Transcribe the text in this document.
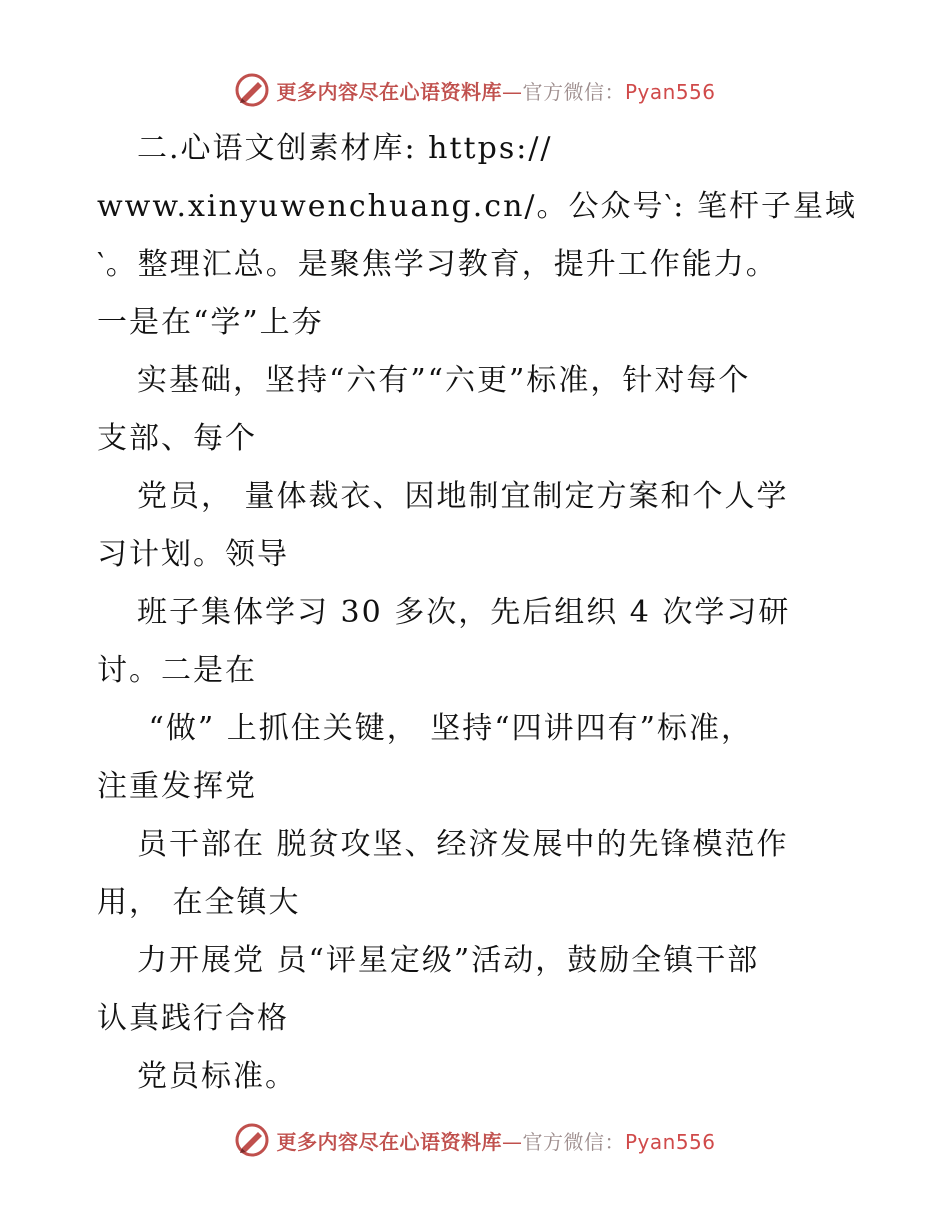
更多内容尽在心语资料库—官方微信：Pyan556
二.心语文创素材库: https://
www.xinyuwenchuang.cn/。公众号‵: 笔杆子星域
‵。整理汇总。是聚焦学习教育，提升工作能力。
一是在“学”上夯
实基础，坚持“六有”“六更”标准，针对每个
支部、每个
党员， 量体裁衣、因地制宜制定方案和个人学
习计划。领导
班子集体学习 30 多次，先后组织 4 次学习研
讨。二是在
“做” 上抓住关键， 坚持“四讲四有”标准，
注重发挥党
员干部在 脱贫攻坚、经济发展中的先锋模范作
用， 在全镇大
力开展党 员“评星定级”活动，鼓励全镇干部
认真践行合格
党员标准。
更多内容尽在心语资料库—官方微信：Pyan556
